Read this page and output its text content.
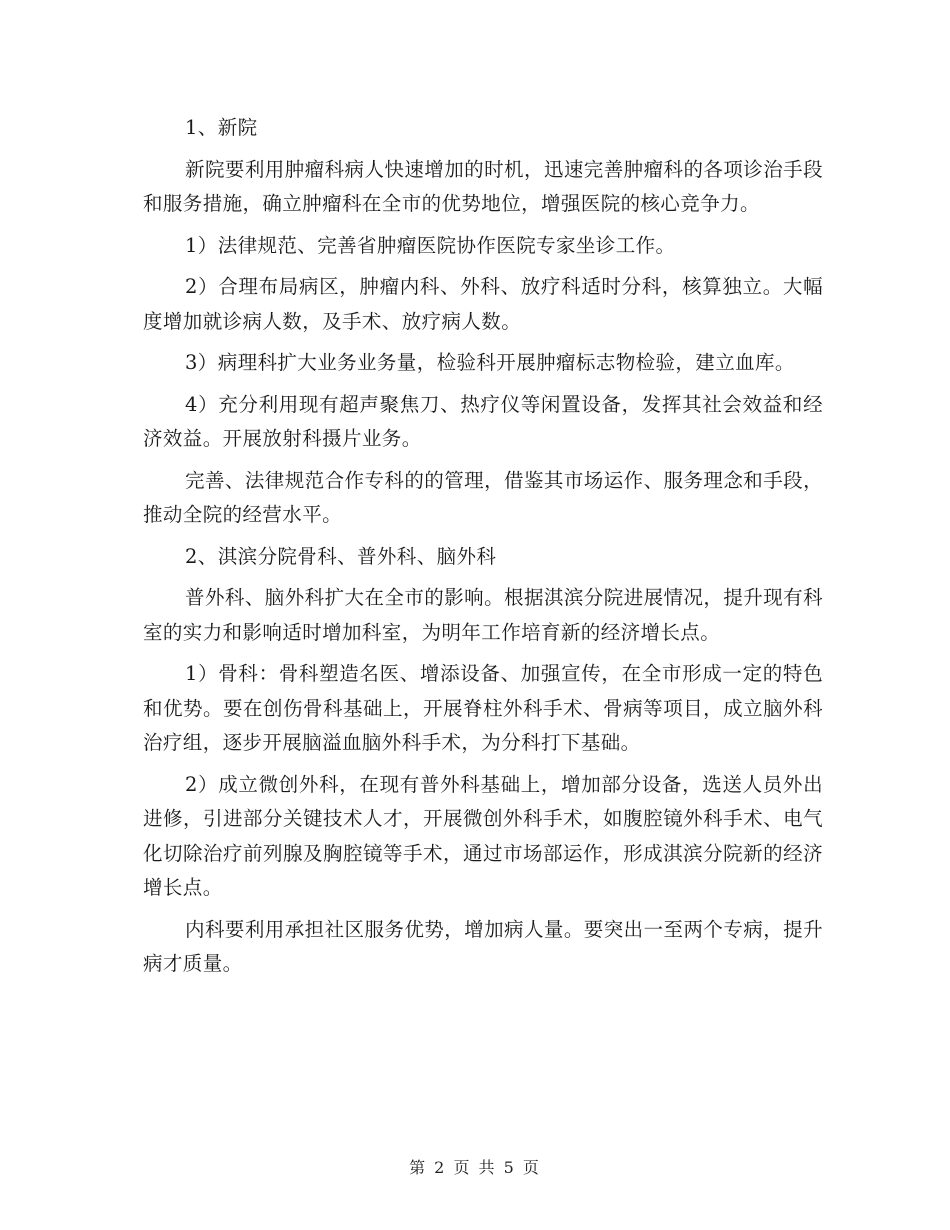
1、新院

新院要利用肿瘤科病人快速增加的时机，迅速完善肿瘤科的各项诊治手段和服务措施，确立肿瘤科在全市的优势地位，增强医院的核心竞争力。

1）法律规范、完善省肿瘤医院协作医院专家坐诊工作。

2）合理布局病区，肿瘤内科、外科、放疗科适时分科，核算独立。大幅度增加就诊病人数，及手术、放疗病人数。

3）病理科扩大业务业务量，检验科开展肿瘤标志物检验，建立血库。

4）充分利用现有超声聚焦刀、热疗仪等闲置设备，发挥其社会效益和经济效益。开展放射科摄片业务。

完善、法律规范合作专科的的管理，借鉴其市场运作、服务理念和手段，推动全院的经营水平。

2、淇滨分院骨科、普外科、脑外科

普外科、脑外科扩大在全市的影响。根据淇滨分院进展情况，提升现有科室的实力和影响适时增加科室，为明年工作培育新的经济增长点。

1）骨科：骨科塑造名医、增添设备、加强宣传，在全市形成一定的特色和优势。要在创伤骨科基础上，开展脊柱外科手术、骨病等项目，成立脑外科治疗组，逐步开展脑溢血脑外科手术，为分科打下基础。

2）成立微创外科，在现有普外科基础上，增加部分设备，选送人员外出进修，引进部分关键技术人才，开展微创外科手术，如腹腔镜外科手术、电气化切除治疗前列腺及胸腔镜等手术，通过市场部运作，形成淇滨分院新的经济增长点。

内科要利用承担社区服务优势，增加病人量。要突出一至两个专病，提升病才质量。

第 2 页 共 5 页
